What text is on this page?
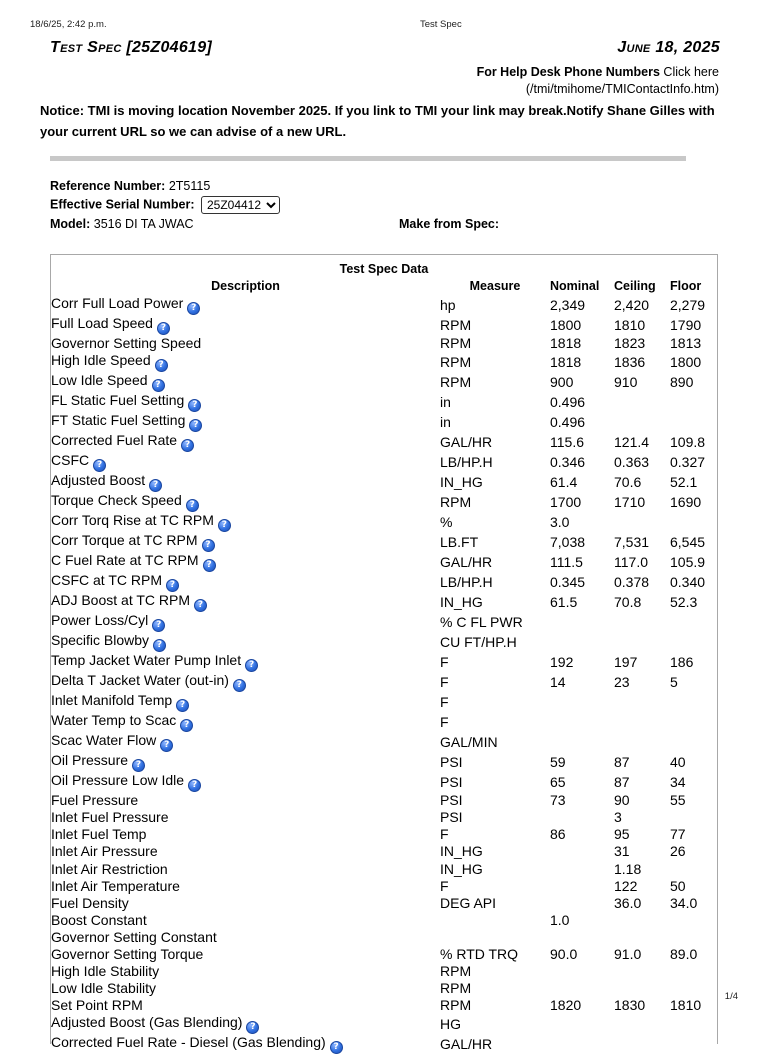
18/6/25, 2:42 p.m.	Test Spec
Test Spec [25Z04619]	June 18, 2025
For Help Desk Phone Numbers Click here
(/tmi/tmihome/TMIContactInfo.htm)
Notice: TMI is moving location November 2025. If you link to TMI your link may break.Notify Shane Gilles with your current URL so we can advise of a new URL.
Reference Number: 2T5115
Effective Serial Number:
25Z04412
Model: 3516 DI TA JWAC	Make from Spec:
Test Spec Data
Description	Measure	Nominal	Ceiling	Floor
Corr Full Load Power ?	hp	2,349	2,420	2,279
Full Load Speed ?	RPM	1800	1810	1790
Governor Setting Speed	RPM	1818	1823	1813
High Idle Speed ?	RPM	1818	1836	1800
Low Idle Speed ?	RPM	900	910	890
FL Static Fuel Setting ?	in	0.496		
FT Static Fuel Setting ?	in	0.496		
Corrected Fuel Rate ?	GAL/HR	115.6	121.4	109.8
CSFC ?	LB/HP.H	0.346	0.363	0.327
Adjusted Boost ?	IN_HG	61.4	70.6	52.1
Torque Check Speed ?	RPM	1700	1710	1690
Corr Torq Rise at TC RPM ?	%	3.0		
Corr Torque at TC RPM ?	LB.FT	7,038	7,531	6,545
C Fuel Rate at TC RPM ?	GAL/HR	111.5	117.0	105.9
CSFC at TC RPM ?	LB/HP.H	0.345	0.378	0.340
ADJ Boost at TC RPM ?	IN_HG	61.5	70.8	52.3
Power Loss/Cyl ?	% C FL PWR			
Specific Blowby ?	CU FT/HP.H			
Temp Jacket Water Pump Inlet ?	F	192	197	186
Delta T Jacket Water (out-in) ?	F	14	23	5
Inlet Manifold Temp ?	F			
Water Temp to Scac ?	F			
Scac Water Flow ?	GAL/MIN			
Oil Pressure ?	PSI	59	87	40
Oil Pressure Low Idle ?	PSI	65	87	34
Fuel Pressure	PSI	73	90	55
Inlet Fuel Pressure	PSI		3	
Inlet Fuel Temp	F	86	95	77
Inlet Air Pressure	IN_HG		31	26
Inlet Air Restriction	IN_HG		1.18	
Inlet Air Temperature	F		122	50
Fuel Density	DEG API		36.0	34.0
Boost Constant		1.0		
Governor Setting Constant				
Governor Setting Torque	% RTD TRQ	90.0	91.0	89.0
High Idle Stability	RPM			
Low Idle Stability	RPM			
Set Point RPM	RPM	1820	1830	1810
Adjusted Boost (Gas Blending) ?	HG			
Corrected Fuel Rate - Diesel (Gas Blending) ?	GAL/HR			
1/4
